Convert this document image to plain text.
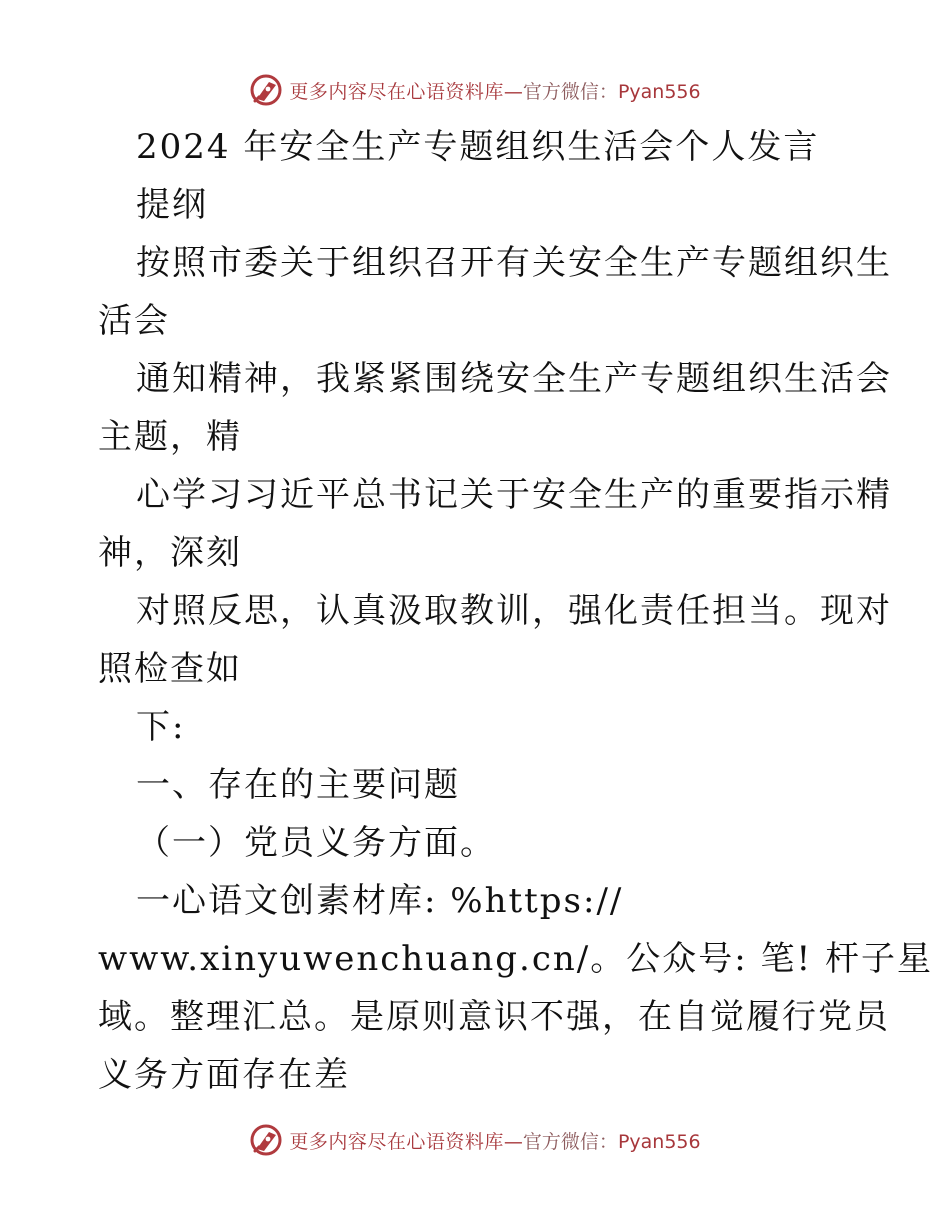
更多内容尽在心语资料库—官方微信：Pyan556
2024 年安全生产专题组织生活会个人发言
提纲
按照市委关于组织召开有关安全生产专题组织生
活会
通知精神，我紧紧围绕安全生产专题组织生活会
主题，精
心学习习近平总书记关于安全生产的重要指示精
神，深刻
对照反思，认真汲取教训，强化责任担当。现对
照检查如
下:
一、存在的主要问题
（一）党员义务方面。
一心语文创素材库: %https://
www.xinyuwenchuang.cn/。公众号: 笔! 杆子星
域。整理汇总。是原则意识不强，在自觉履行党员
义务方面存在差
更多内容尽在心语资料库—官方微信：Pyan556
